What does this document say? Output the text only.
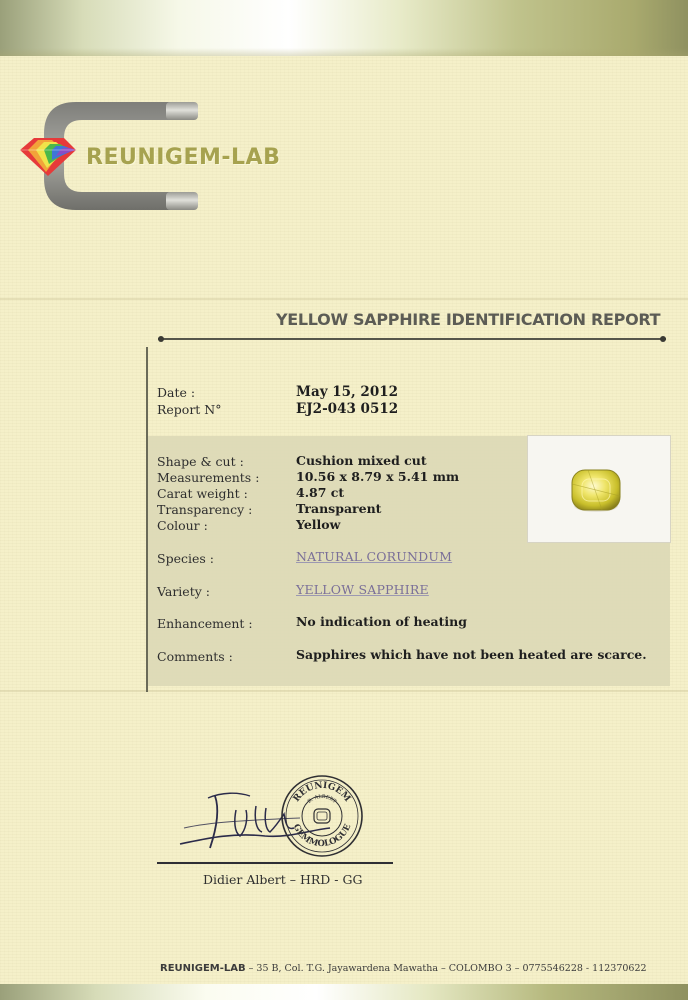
REUNIGEM-LAB
YELLOW SAPPHIRE IDENTIFICATION REPORT
Date :	May 15, 2012
Report N°	EJ2-043 0512
Shape & cut :	Cushion mixed cut
Measurements :	10.56 x 8.79 x 5.41 mm
Carat weight :	4.87 ct
Transparency :	Transparent
Colour :	Yellow
Species :	NATURAL CORUNDUM
Variety :	YELLOW SAPPHIRE
Enhancement :	No indication of heating
Comments :	Sapphires which have not been heated are scarce.
REUNIGEM
GEMMOLOGUE
D. ALBERT
Didier Albert – HRD - GG
REUNIGEM-LAB – 35 B, Col. T.G. Jayawardena Mawatha – COLOMBO 3 – 0775546228 - 112370622
